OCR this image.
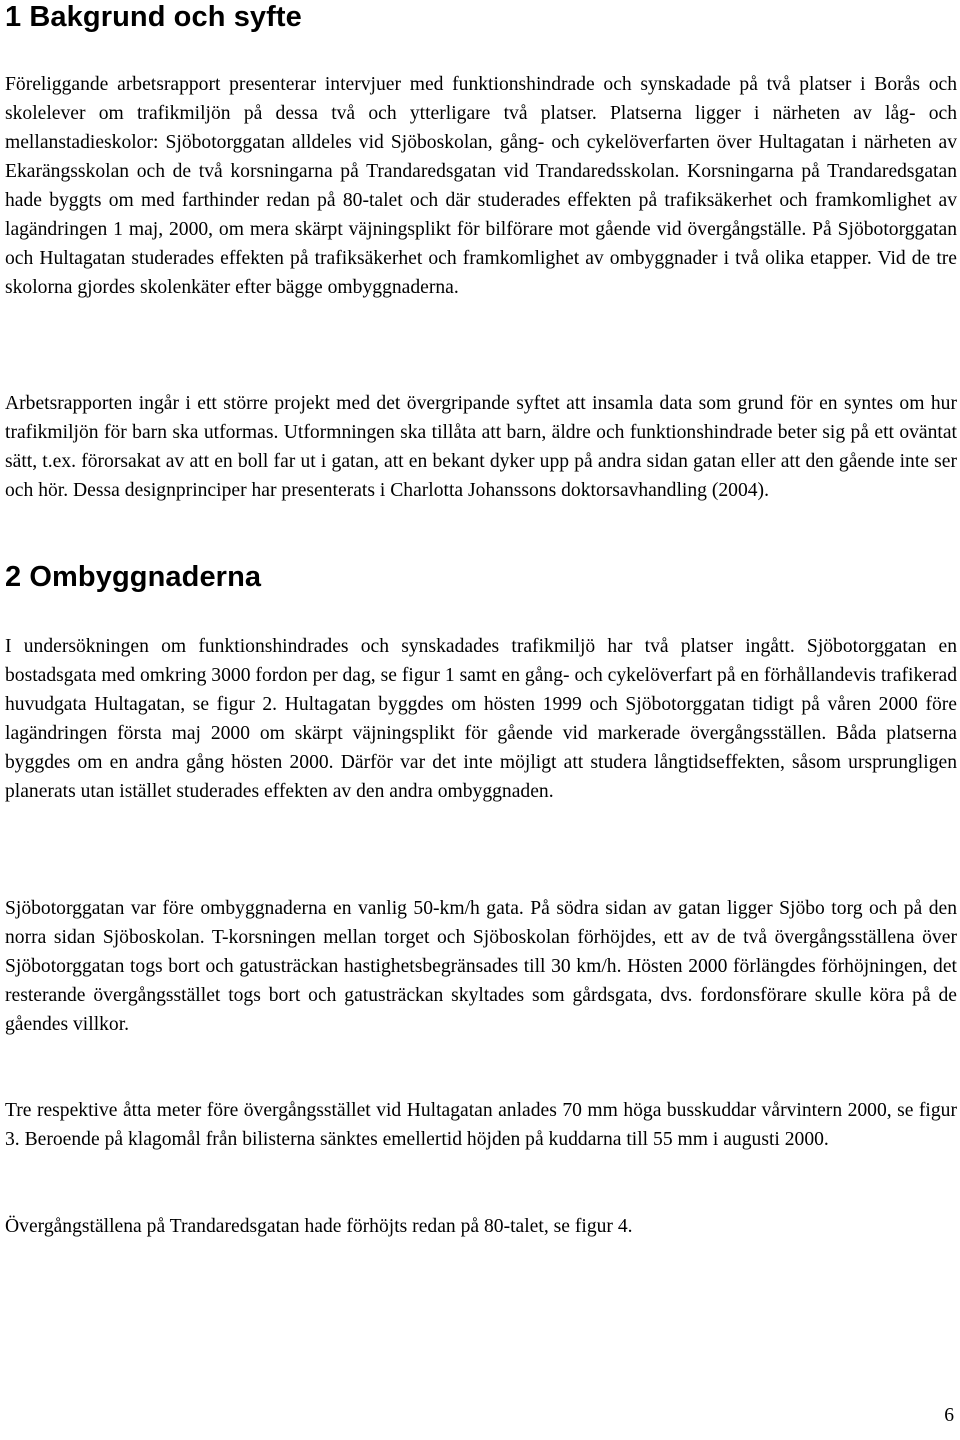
1 Bakgrund och syfte

Föreliggande arbetsrapport presenterar intervjuer med funktionshindrade och synskadade på två platser i Borås och skolelever om trafikmiljön på dessa två och ytterligare två platser. Platserna ligger i närheten av låg- och mellanstadieskolor: Sjöbotorggatan alldeles vid Sjöboskolan, gång- och cykelöverfarten över Hultagatan i närheten av Ekarängsskolan och de två korsningarna på Trandaredsgatan vid Trandaredsskolan. Korsningarna på Trandaredsgatan hade byggts om med farthinder redan på 80-talet och där studerades effekten på trafiksäkerhet och framkomlighet av lagändringen 1 maj, 2000, om mera skärpt väjningsplikt för bilförare mot gående vid övergångställe. På Sjöbotorggatan och Hultagatan studerades effekten på trafiksäkerhet och framkomlighet av ombyggnader i två olika etapper. Vid de tre skolorna gjordes skolenkäter efter bägge ombyggnaderna.

Arbetsrapporten ingår i ett större projekt med det övergripande syftet att insamla data som grund för en syntes om hur trafikmiljön för barn ska utformas. Utformningen ska tillåta att barn, äldre och funktionshindrade beter sig på ett oväntat sätt, t.ex. förorsakat av att en boll far ut i gatan, att en bekant dyker upp på andra sidan gatan eller att den gående inte ser och hör. Dessa designprinciper har presenterats i Charlotta Johanssons doktorsavhandling (2004).

2 Ombyggnaderna

I undersökningen om funktionshindrades och synskadades trafikmiljö har två platser ingått. Sjöbotorggatan en bostadsgata med omkring 3000 fordon per dag, se figur 1 samt en gång- och cykelöverfart på en förhållandevis trafikerad huvudgata Hultagatan, se figur 2. Hultagatan byggdes om hösten 1999 och Sjöbotorggatan tidigt på våren 2000 före lagändringen första maj 2000 om skärpt väjningsplikt för gående vid markerade övergångsställen. Båda platserna byggdes om en andra gång hösten 2000. Därför var det inte möjligt att studera långtidseffekten, såsom ursprungligen planerats utan istället studerades effekten av den andra ombyggnaden.

Sjöbotorggatan var före ombyggnaderna en vanlig 50-km/h gata. På södra sidan av gatan ligger Sjöbo torg och på den norra sidan Sjöboskolan. T-korsningen mellan torget och Sjöboskolan förhöjdes, ett av de två övergångsställena över Sjöbotorggatan togs bort och gatusträckan hastighetsbegränsades till 30 km/h. Hösten 2000 förlängdes förhöjningen, det resterande övergångsstället togs bort och gatusträckan skyltades som gårdsgata, dvs. fordonsförare skulle köra på de gåendes villkor.

Tre respektive åtta meter före övergångsstället vid Hultagatan anlades 70 mm höga busskuddar vårvintern 2000, se figur 3. Beroende på klagomål från bilisterna sänktes emellertid höjden på kuddarna till 55 mm i augusti 2000.

Övergångställena på Trandaredsgatan hade förhöjts redan på 80-talet, se figur 4.

6
